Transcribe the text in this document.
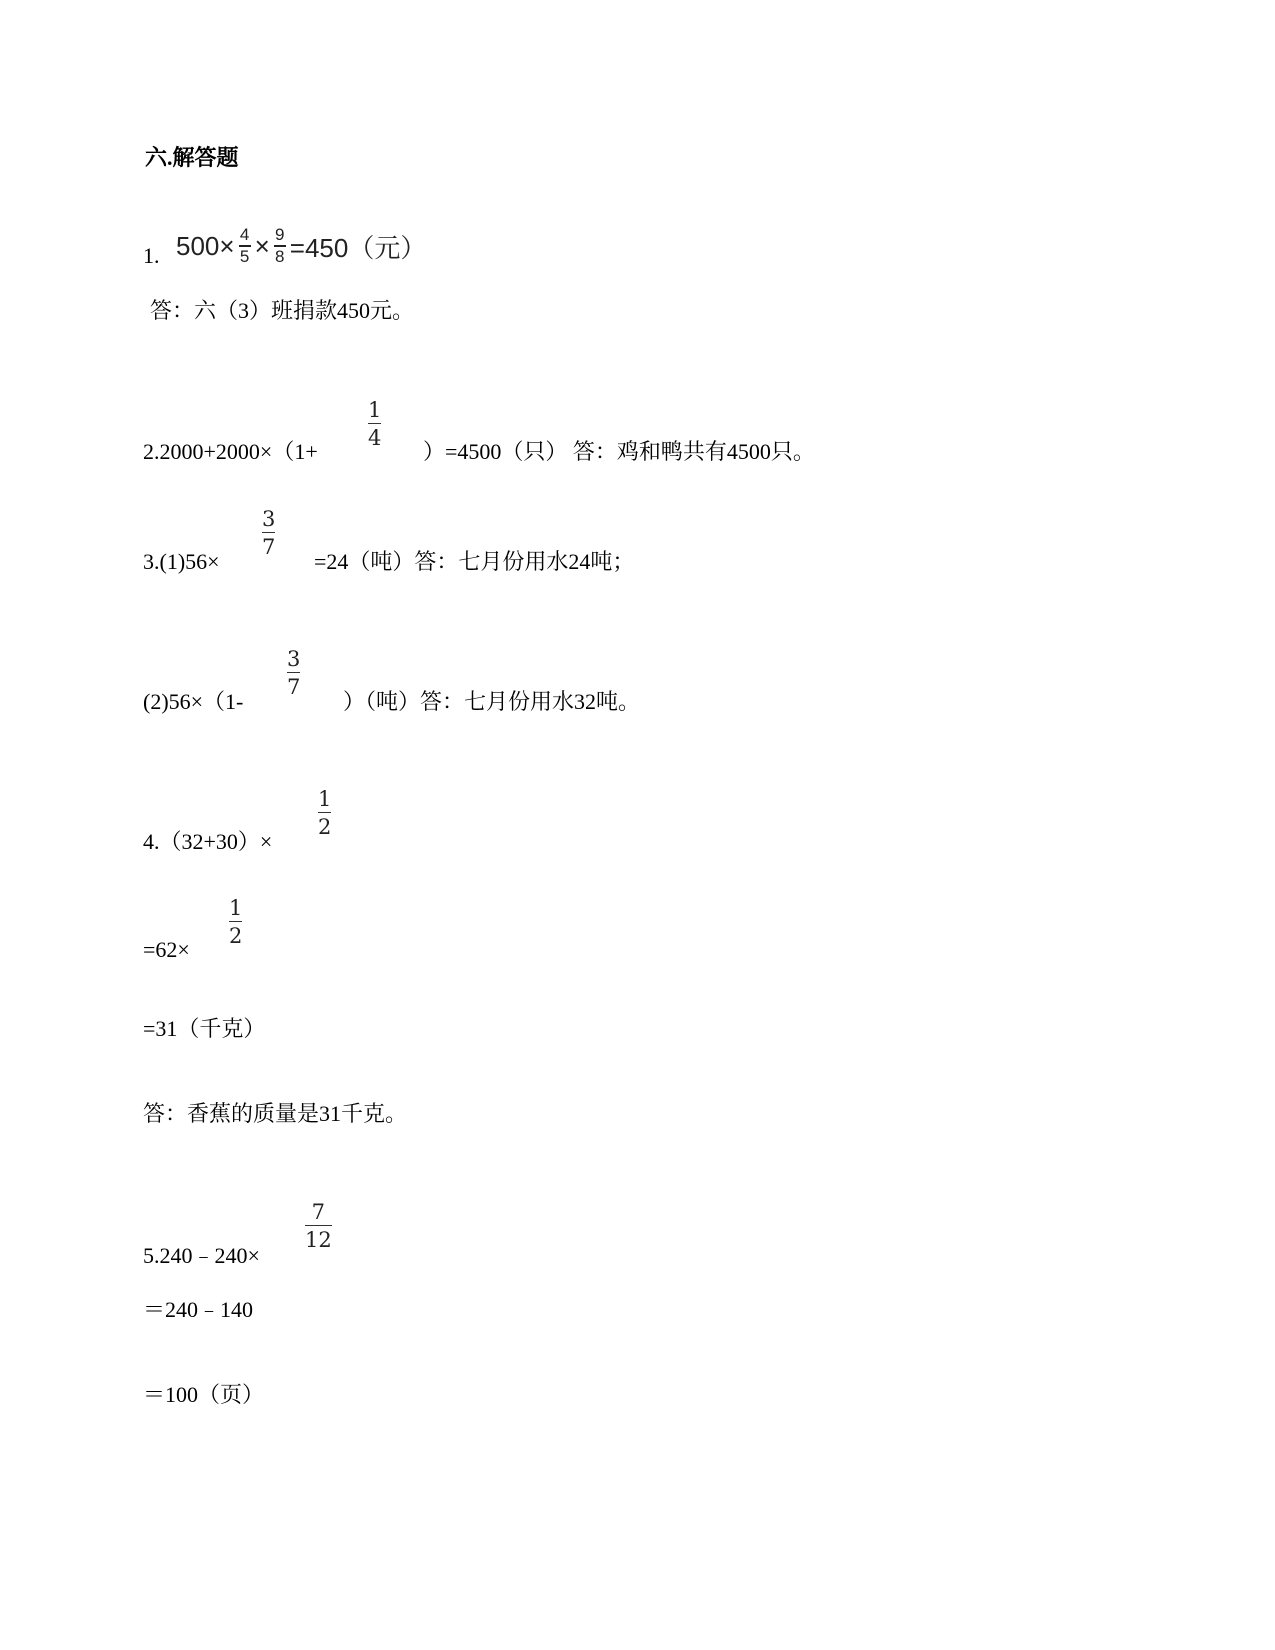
六.解答题
1. 500 × 4
5 × 9
8 =450（元）
答：六（3）班捐款450元。
2.2000+2000×（1+
1
4
）=4500（只） 答：鸡和鸭共有4500只。
3.(1)56×
3
7
=24（吨）答：七月份用水24吨；
(2)56×（1-
3
7
）（吨）答：七月份用水32吨。
4.（32+30）×
1
2
=62×
1
2
=31（千克）
答：香蕉的质量是31千克。
5.240﹣240×
7
12
＝240﹣140
＝100（页）
